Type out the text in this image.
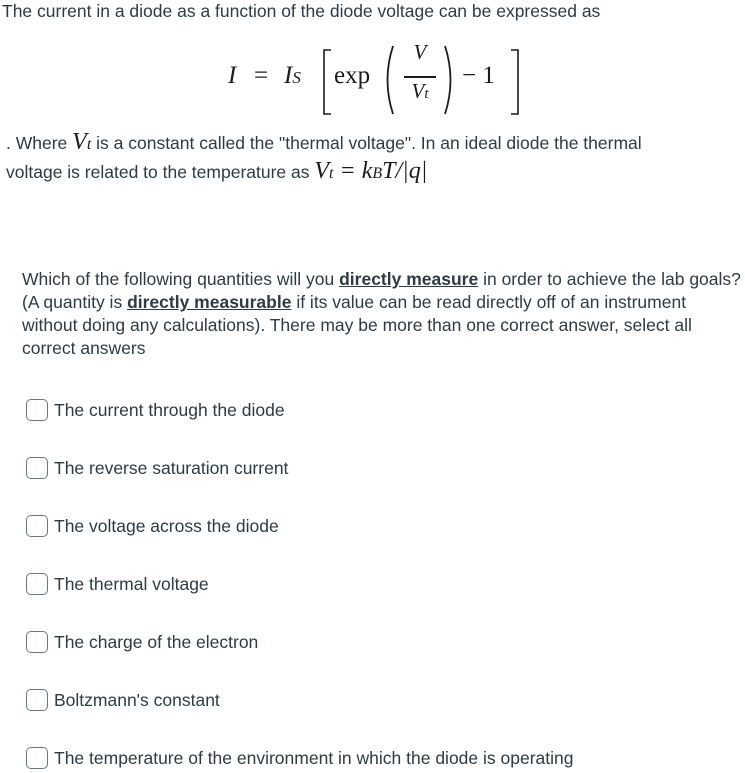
The current in a diode as a function of the diode voltage can be expressed as
I = IS exp
V
Vt
− 1
. Where Vt is a constant called the "thermal voltage". In an ideal diode the thermal
voltage is related to the temperature as Vt = kBT/|q|
Which of the following quantities will you directly measure in order to achieve the lab goals? (A quantity is directly measurable if its value can be read directly off of an instrument without doing any calculations). There may be more than one correct answer, select all correct answers
The current through the diode
The reverse saturation current
The voltage across the diode
The thermal voltage
The charge of the electron
Boltzmann's constant
The temperature of the environment in which the diode is operating
